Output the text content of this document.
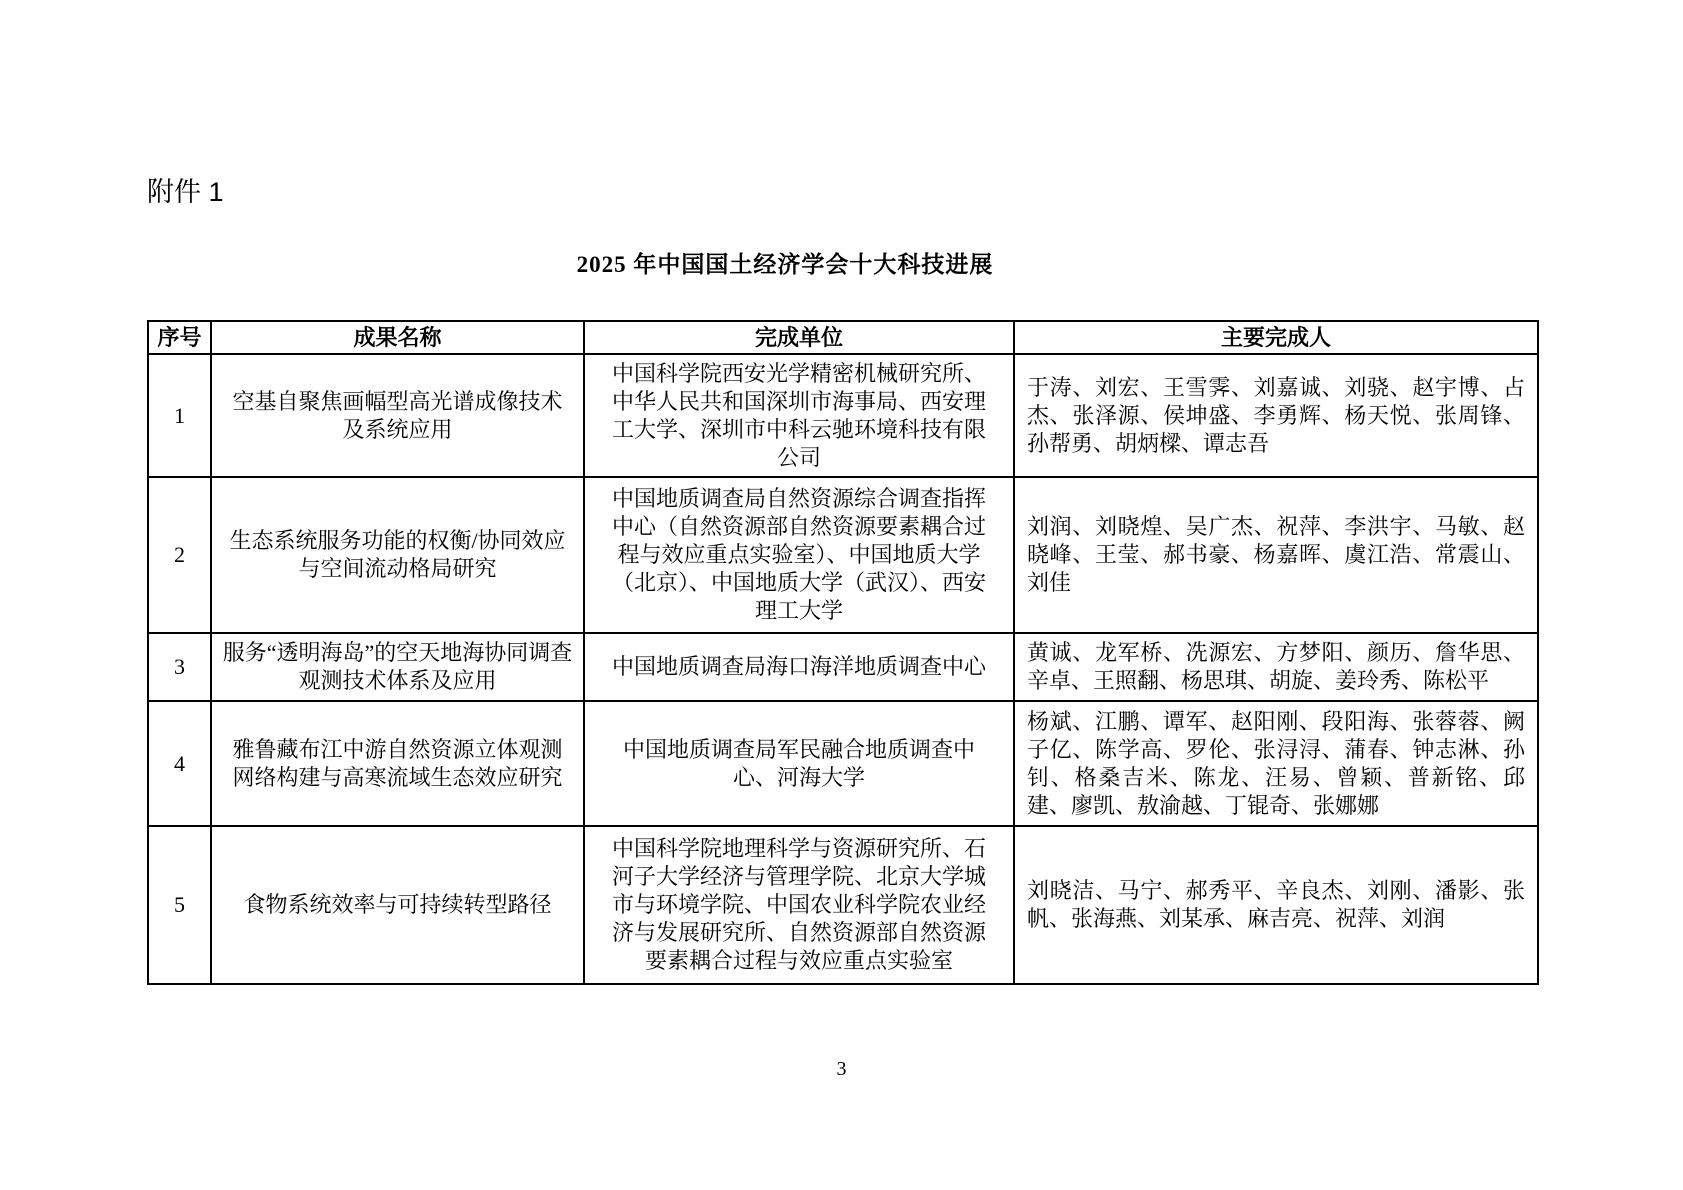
附件 1
2025 年中国国土经济学会十大科技进展
序号	成果名称	完成单位	主要完成人
1	空基自聚焦画幅型高光谱成像技术及系统应用	中国科学院西安光学精密机械研究所、中华人民共和国深圳市海事局、西安理工大学、深圳市中科云驰环境科技有限公司	于涛、刘宏、王雪霁、刘嘉诚、刘骁、赵宇博、占杰、张泽源、侯坤盛、李勇辉、杨天悦、张周锋、孙帮勇、胡炳樑、谭志吾
2	生态系统服务功能的权衡/协同效应与空间流动格局研究	中国地质调查局自然资源综合调查指挥中心（自然资源部自然资源要素耦合过程与效应重点实验室）、中国地质大学（北京）、中国地质大学（武汉）、西安理工大学	刘润、刘晓煌、吴广杰、祝萍、李洪宇、马敏、赵晓峰、王莹、郝书豪、杨嘉晖、虞江浩、常震山、刘佳
3	服务“透明海岛”的空天地海协同调查观测技术体系及应用	中国地质调查局海口海洋地质调查中心	黄诚、龙军桥、冼源宏、方梦阳、颜历、詹华思、辛卓、王照翻、杨思琪、胡旋、姜玲秀、陈松平
4	雅鲁藏布江中游自然资源立体观测网络构建与高寒流域生态效应研究	中国地质调查局军民融合地质调查中心、河海大学	杨斌、江鹏、谭军、赵阳刚、段阳海、张蓉蓉、阙子亿、陈学高、罗伦、张浔浔、蒲春、钟志淋、孙钊、格桑吉米、陈龙、汪易、曾颖、普新铭、邱建、廖凯、敖渝越、丁锟奇、张娜娜
5	食物系统效率与可持续转型路径	中国科学院地理科学与资源研究所、石河子大学经济与管理学院、北京大学城市与环境学院、中国农业科学院农业经济与发展研究所、自然资源部自然资源要素耦合过程与效应重点实验室	刘晓洁、马宁、郝秀平、辛良杰、刘刚、潘影、张帆、张海燕、刘某承、麻吉亮、祝萍、刘润
3
